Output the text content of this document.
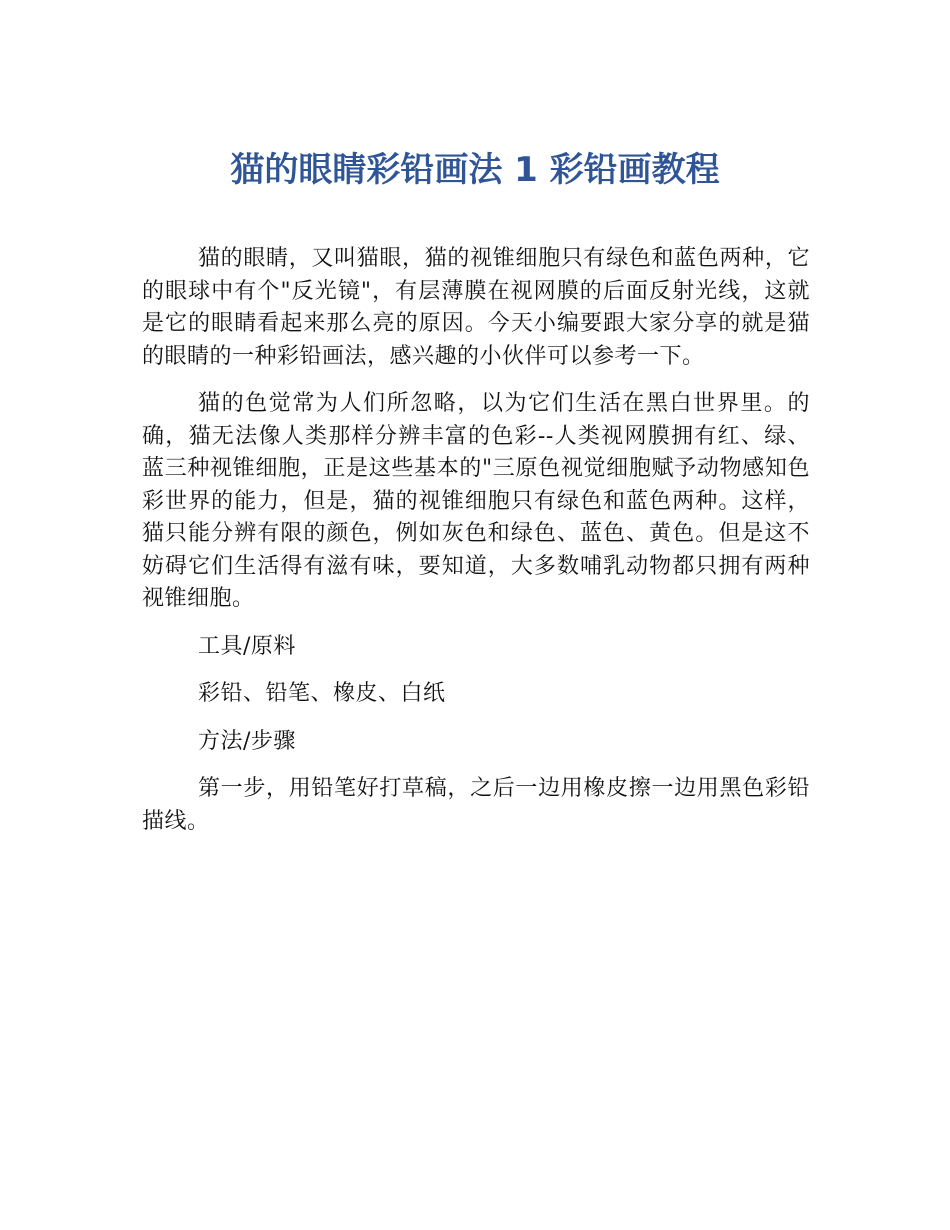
猫的眼睛彩铅画法 1 彩铅画教程

猫的眼睛，又叫猫眼，猫的视锥细胞只有绿色和蓝色两种，它的眼球中有个"反光镜"，有层薄膜在视网膜的后面反射光线，这就是它的眼睛看起来那么亮的原因。今天小编要跟大家分享的就是猫的眼睛的一种彩铅画法，感兴趣的小伙伴可以参考一下。

猫的色觉常为人们所忽略，以为它们生活在黑白世界里。的确，猫无法像人类那样分辨丰富的色彩--人类视网膜拥有红、绿、蓝三种视锥细胞，正是这些基本的"三原色视觉细胞赋予动物感知色彩世界的能力，但是，猫的视锥细胞只有绿色和蓝色两种。这样，猫只能分辨有限的颜色，例如灰色和绿色、蓝色、黄色。但是这不妨碍它们生活得有滋有味，要知道，大多数哺乳动物都只拥有两种视锥细胞。

工具/原料

彩铅、铅笔、橡皮、白纸

方法/步骤

第一步，用铅笔好打草稿，之后一边用橡皮擦一边用黑色彩铅描线。
